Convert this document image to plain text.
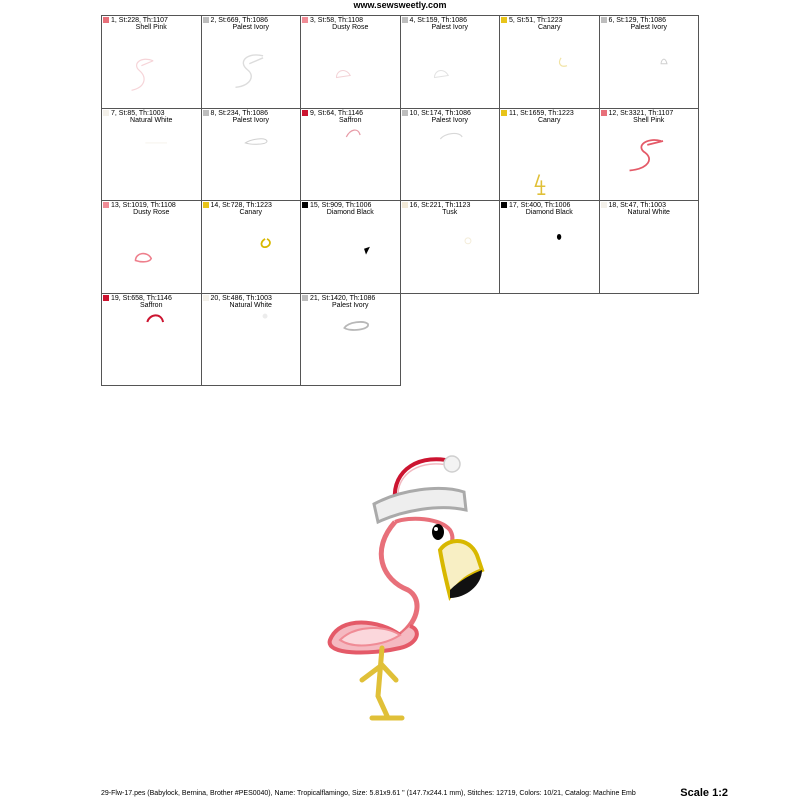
www.sewsweetly.com
1, St:228, Th:1107
Shell Pink
2, St:669, Th:1086
Palest Ivory
3, St:58, Th:1108
Dusty Rose
4, St:159, Th:1086
Palest Ivory
5, St:51, Th:1223
Canary
6, St:129, Th:1086
Palest Ivory
7, St:85, Th:1003
Natural White
8, St:234, Th:1086
Palest Ivory
9, St:64, Th:1146
Saffron
10, St:174, Th:1086
Palest Ivory
11, St:1659, Th:1223
Canary
12, St:3321, Th:1107
Shell Pink
13, St:1019, Th:1108
Dusty Rose
14, St:728, Th:1223
Canary
15, St:909, Th:1006
Diamond Black
16, St:221, Th:1123
Tusk
17, St:400, Th:1006
Diamond Black
18, St:47, Th:1003
Natural White
19, St:658, Th:1146
Saffron
20, St:486, Th:1003
Natural White
21, St:1420, Th:1086
Palest Ivory
29-Flw-17.pes (Babylock, Bernina, Brother #PES0040), Name: Tropicalflamingo, Size: 5.81x9.61 " (147.7x244.1 mm), Stitches: 12719, Colors: 10/21, Catalog: Machine Emb	Scale 1:2
